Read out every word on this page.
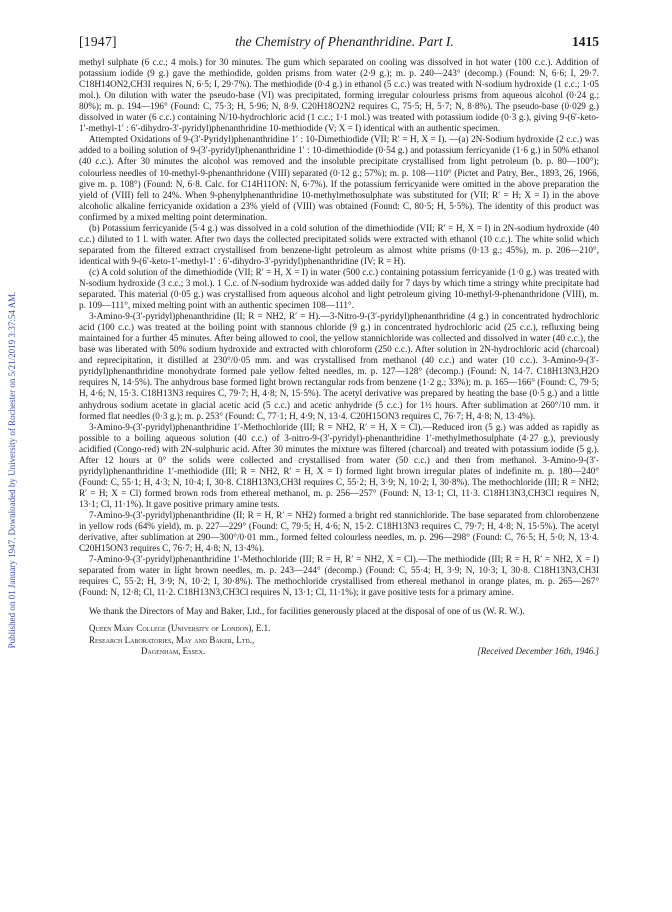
Published on 01 January 1947. Downloaded by University of Rochester on 5/21/2019 3:37:54 AM.
[1947]	the Chemistry of Phenanthridine. Part I.	1415

methyl sulphate (6 c.c.; 4 mols.) for 30 minutes. The gum which separated on cooling was dissolved in hot water (100 c.c.). Addition of potassium iodide (9 g.) gave the methiodide, golden prisms from water (2·9 g.); m. p. 240—243° (decomp.) (Found: N, 6·6; I, 29·7. C18H14ON2,CH3I requires N, 6·5; I, 29·7%). The methiodide (0·4 g.) in ethanol (5 c.c.) was treated with N-sodium hydroxide (1 c.c.; 1·05 mol.). On dilution with water the pseudo-base (VI) was precipitated, forming irregular colourless prisms from aqueous alcohol (0·24 g.; 80%); m. p. 194—196° (Found: C, 75·3; H, 5·96; N, 8·9. C20H18O2N2 requires C, 75·5; H, 5·7; N, 8·8%). The pseudo-base (0·029 g.) dissolved in water (6 c.c.) containing N/10-hydrochloric acid (1 c.c.; 1·1 mol.) was treated with potassium iodide (0·3 g.), giving 9-(6′-keto-1′-methyl-1′ : 6′-dihydro-3′-pyridyl)phenanthridine 10-methiodide (V; X = I) identical with an authentic specimen.

Attempted Oxidations of 9-(3′-Pyridyl)phenanthridine 1′ : 10-Dimethiodide (VII; R′ = H, X = I). —(a) 2N-Sodium hydroxide (2 c.c.) was added to a boiling solution of 9-(3′-pyridyl)phenanthridine 1′ : 10-dimethiodide (0·54 g.) and potassium ferricyanide (1·6 g.) in 50% ethanol (40 c.c.). After 30 minutes the alcohol was removed and the insoluble precipitate crystallised from light petroleum (b. p. 80—100°); colourless needles of 10-methyl-9-phenanthridone (VIII) separated (0·12 g.; 57%); m. p. 108—110° (Pictet and Patry, Ber., 1893, 26, 1966, give m. p. 108°) (Found: N, 6·8. Calc. for C14H11ON: N, 6·7%). If the potassium ferricyanide were omitted in the above preparation the yield of (VIII) fell to 24%. When 9-phenylphenanthridine 10-methylmethosulphate was substituted for (VII; R′ = H; X = I) in the above alcoholic alkaline ferricyanide oxidation a 23% yield of (VIII) was obtained (Found: C, 80·5; H, 5·5%). The identity of this product was confirmed by a mixed melting point determination.

(b) Potassium ferricyanide (5·4 g.) was dissolved in a cold solution of the dimethiodide (VII; R′ = H, X = I) in 2N-sodium hydroxide (40 c.c.) diluted to 1 l. with water. After two days the collected precipitated solids were extracted with ethanol (10 c.c.). The white solid which separated from the filtered extract crystallised from benzene-light petroleum as almost white prisms (0·13 g.; 45%), m. p. 206—210°, identical with 9-(6′-keto-1′-methyl-1′ : 6′-dihydro-3′-pyridyl)phenanthridine (IV; R = H).

(c) A cold solution of the dimethiodide (VII; R′ = H, X = I) in water (500 c.c.) containing potassium ferricyanide (1·0 g.) was treated with N-sodium hydroxide (3 c.c.; 3 mol.). 1 C.c. of N-sodium hydroxide was added daily for 7 days by which time a stringy white precipitate had separated. This material (0·05 g.) was crystallised from aqueous alcohol and light petroleum giving 10-methyl-9-phenanthridone (VIII), m. p. 109—111°, mixed melting point with an authentic specimen 108—111°.

3-Amino-9-(3′-pyridyl)phenanthridine (II; R = NH2, R′ = H).—3-Nitro-9-(3′-pyridyl)phenanthridine (4 g.) in concentrated hydrochloric acid (100 c.c.) was treated at the boiling point with stannous chloride (9 g.) in concentrated hydrochloric acid (25 c.c.), refluxing being maintained for a further 45 minutes. After being allowed to cool, the yellow stannichloride was collected and dissolved in water (40 c.c.), the base was liberated with 50% sodium hydroxide and extracted with chloroform (250 c.c.). After solution in 2N-hydrochloric acid (charcoal) and reprecipitation, it distilled at 230°/0·05 mm. and was crystallised from methanol (40 c.c.) and water (10 c.c.). 3-Amino-9-(3′-pyridyl)phenanthridine monohydrate formed pale yellow felted needles, m. p. 127—128° (decomp.) (Found: N, 14·7. C18H13N3,H2O requires N, 14·5%). The anhydrous base formed light brown rectangular rods from benzene (1·2 g.; 33%); m. p. 165—166° (Found: C, 79·5; H, 4·6; N, 15·3. C18H13N3 requires C, 79·7; H, 4·8; N, 15·5%). The acetyl derivative was prepared by heating the base (0·5 g.) and a little anhydrous sodium acetate in glacial acetic acid (5 c.c.) and acetic anhydride (5 c.c.) for 1½ hours. After sublimation at 260°/10 mm. it formed flat needles (0·3 g.); m. p. 253° (Found: C, 77·1; H, 4·9; N, 13·4. C20H15ON3 requires C, 76·7; H, 4·8; N, 13·4%).

3-Amino-9-(3′-pyridyl)phenanthridine 1′-Methochloride (III; R = NH2, R′ = H, X = Cl).—Reduced iron (5 g.) was added as rapidly as possible to a boiling aqueous solution (40 c.c.) of 3-nitro-9-(3′-pyridyl)-phenanthridine 1′-methylmethosulphate (4·27 g.), previously acidified (Congo-red) with 2N-sulphuric acid. After 30 minutes the mixture was filtered (charcoal) and treated with potassium iodide (5 g.). After 12 hours at 0° the solids were collected and crystallised from water (50 c.c.) and then from methanol. 3-Amino-9-(3′-pyridyl)phenanthridine 1′-methiodide (III; R = NH2, R′ = H, X = I) formed light brown irregular plates of indefinite m. p. 180—240° (Found: C, 55·1; H, 4·3; N, 10·4; I, 30·8. C18H13N3,CH3I requires C, 55·2; H, 3·9; N, 10·2; I, 30·8%). The methochloride (III; R = NH2; R′ = H; X = Cl) formed brown rods from ethereal methanol, m. p. 256—257° (Found: N, 13·1; Cl, 11·3. C18H13N3,CH3Cl requires N, 13·1; Cl, 11·1%). It gave positive primary amine tests.

7-Amino-9-(3′-pyridyl)phenanthridine (II; R = H, R′ = NH2) formed a bright red stannichloride. The base separated from chlorobenzene in yellow rods (64% yield), m. p. 227—229° (Found: C, 79·5; H, 4·6; N, 15·2. C18H13N3 requires C, 79·7; H, 4·8; N, 15·5%). The acetyl derivative, after sublimation at 290—300°/0·01 mm., formed felted colourless needles, m. p. 296—298° (Found: C, 76·5; H, 5·0; N, 13·4. C20H15ON3 requires C, 76·7; H, 4·8; N, 13·4%).

7-Amino-9-(3′-pyridyl)phenanthridine 1′-Methochloride (III; R = H, R′ = NH2, X = Cl).—The methiodide (III; R = H, R′ = NH2, X = I) separated from water in light brown needles, m. p. 243—244° (decomp.) (Found: C, 55·4; H, 3·9; N, 10·3; I, 30·8. C18H13N3,CH3I requires C, 55·2; H, 3·9; N, 10·2; I, 30·8%). The methochloride crystallised from ethereal methanol in orange plates, m. p. 265—267° (Found: N, 12·8; Cl, 11·2. C18H13N3,CH3Cl requires N, 13·1; Cl, 11·1%); it gave positive tests for a primary amine.

We thank the Directors of May and Baker, Ltd., for facilities generously placed at the disposal of one of us (W. R. W.).

Queen Mary College (University of London), E.1.
Research Laboratories, May and Baker, Ltd.,
Dagenham, Essex.	[Received December 16th, 1946.]
